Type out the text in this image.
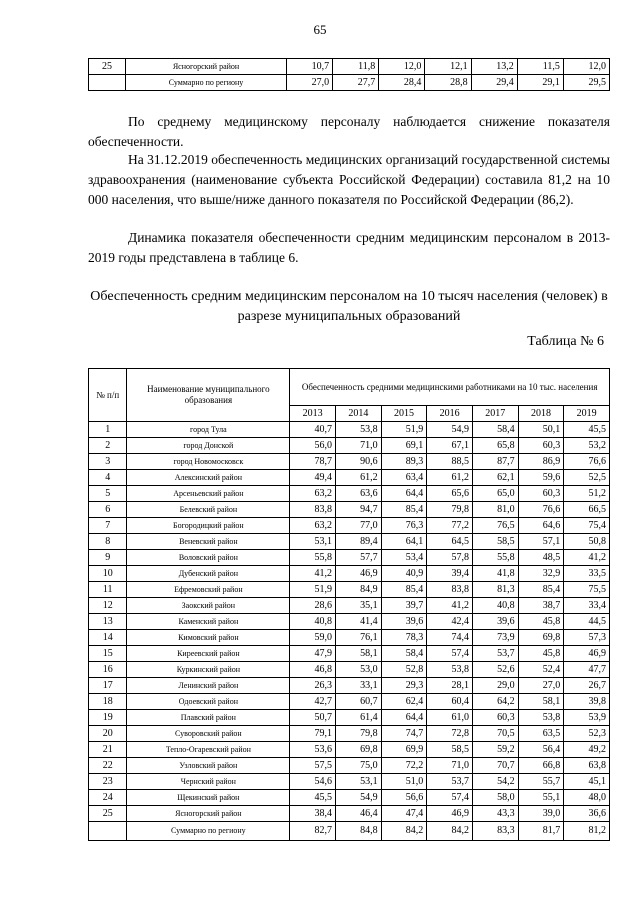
65
25	Ясногорский район	10,7	11,8	12,0	12,1	13,2	11,5	12,0
	Суммарно по региону	27,0	27,7	28,4	28,8	29,4	29,1	29,5
По среднему медицинскому персоналу наблюдается снижение показателя обеспеченности.
На 31.12.2019 обеспеченность медицинских организаций государственной системы здравоохранения (наименование субъекта Российской Федерации) составила 81,2 на 10 000 населения, что выше/ниже данного показателя по Российской Федерации (86,2).
Динамика показателя обеспеченности средним медицинским персоналом в 2013-2019 годы представлена в таблице 6.
Обеспеченность средним медицинским персоналом на 10 тысяч населения (человек) в разрезе муниципальных образований
Таблица № 6
№ п/п	Наименование муниципального образования	Обеспеченность средними медицинскими работниками на 10 тыс. населения						
		2013	2014	2015	2016	2017	2018	2019
1	город Тула	40,7	53,8	51,9	54,9	58,4	50,1	45,5
2	город Донской	56,0	71,0	69,1	67,1	65,8	60,3	53,2
3	город Новомосковск	78,7	90,6	89,3	88,5	87,7	86,9	76,6
4	Алексинский район	49,4	61,2	63,4	61,2	62,1	59,6	52,5
5	Арсеньевский район	63,2	63,6	64,4	65,6	65,0	60,3	51,2
6	Белевский район	83,8	94,7	85,4	79,8	81,0	76,6	66,5
7	Богородицкий район	63,2	77,0	76,3	77,2	76,5	64,6	75,4
8	Веневский район	53,1	89,4	64,1	64,5	58,5	57,1	50,8
9	Воловский район	55,8	57,7	53,4	57,8	55,8	48,5	41,2
10	Дубенский район	41,2	46,9	40,9	39,4	41,8	32,9	33,5
11	Ефремовский район	51,9	84,9	85,4	83,8	81,3	85,4	75,5
12	Заокский район	28,6	35,1	39,7	41,2	40,8	38,7	33,4
13	Каменский район	40,8	41,4	39,6	42,4	39,6	45,8	44,5
14	Кимовский район	59,0	76,1	78,3	74,4	73,9	69,8	57,3
15	Киреевский район	47,9	58,1	58,4	57,4	53,7	45,8	46,9
16	Куркинский район	46,8	53,0	52,8	53,8	52,6	52,4	47,7
17	Ленинский район	26,3	33,1	29,3	28,1	29,0	27,0	26,7
18	Одоевский район	42,7	60,7	62,4	60,4	64,2	58,1	39,8
19	Плавский район	50,7	61,4	64,4	61,0	60,3	53,8	53,9
20	Суворовский район	79,1	79,8	74,7	72,8	70,5	63,5	52,3
21	Тепло-Огаревский район	53,6	69,8	69,9	58,5	59,2	56,4	49,2
22	Узловский район	57,5	75,0	72,2	71,0	70,7	66,8	63,8
23	Чернский район	54,6	53,1	51,0	53,7	54,2	55,7	45,1
24	Щекинский район	45,5	54,9	56,6	57,4	58,0	55,1	48,0
25	Ясногорский район	38,4	46,4	47,4	46,9	43,3	39,0	36,6
	Суммарно по региону	82,7	84,8	84,2	84,2	83,3	81,7	81,2
